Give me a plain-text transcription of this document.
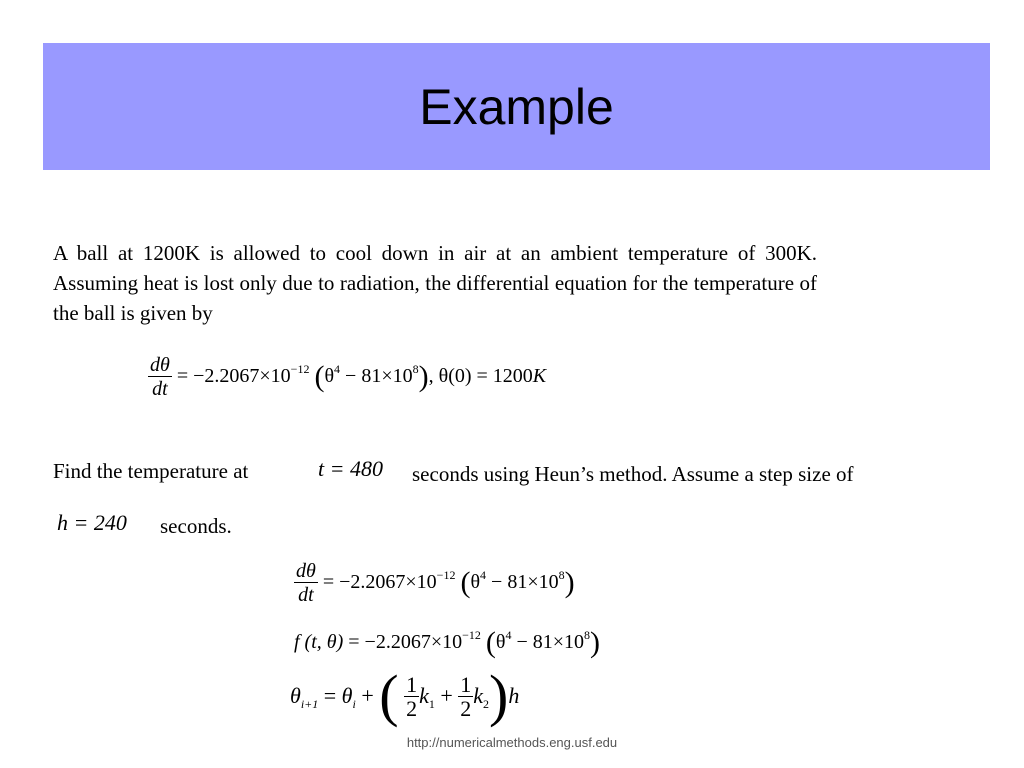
Example

A ball at 1200K is allowed to cool down in air at an ambient temperature of 300K. Assuming heat is lost only due to radiation, the differential equation for the temperature of the ball is given by

$\frac{d\theta}{dt} = -2.2067\times 10^{-12}$ $(\theta^4 - 81\times 10^8)$, θ(0) = 1200K
Find the temperature at	t = 480 seconds using Heun’s method. Assume a step size of
h = 240 seconds.
$\frac{d\theta}{dt} = -2.2067\times 10^{-12}$ $(\theta^4 - 81\times 10^8)$
f (t, $\theta) = -2.2067\times 10^{-12}$ $(\theta^4 - 81\times 10^8)$
$\theta_{i+1} = \theta_i$ + ( $\frac{1}{2} k_1 + \frac{1}{2} k_2)h$
http://numericalmethods.eng.usf.edu
